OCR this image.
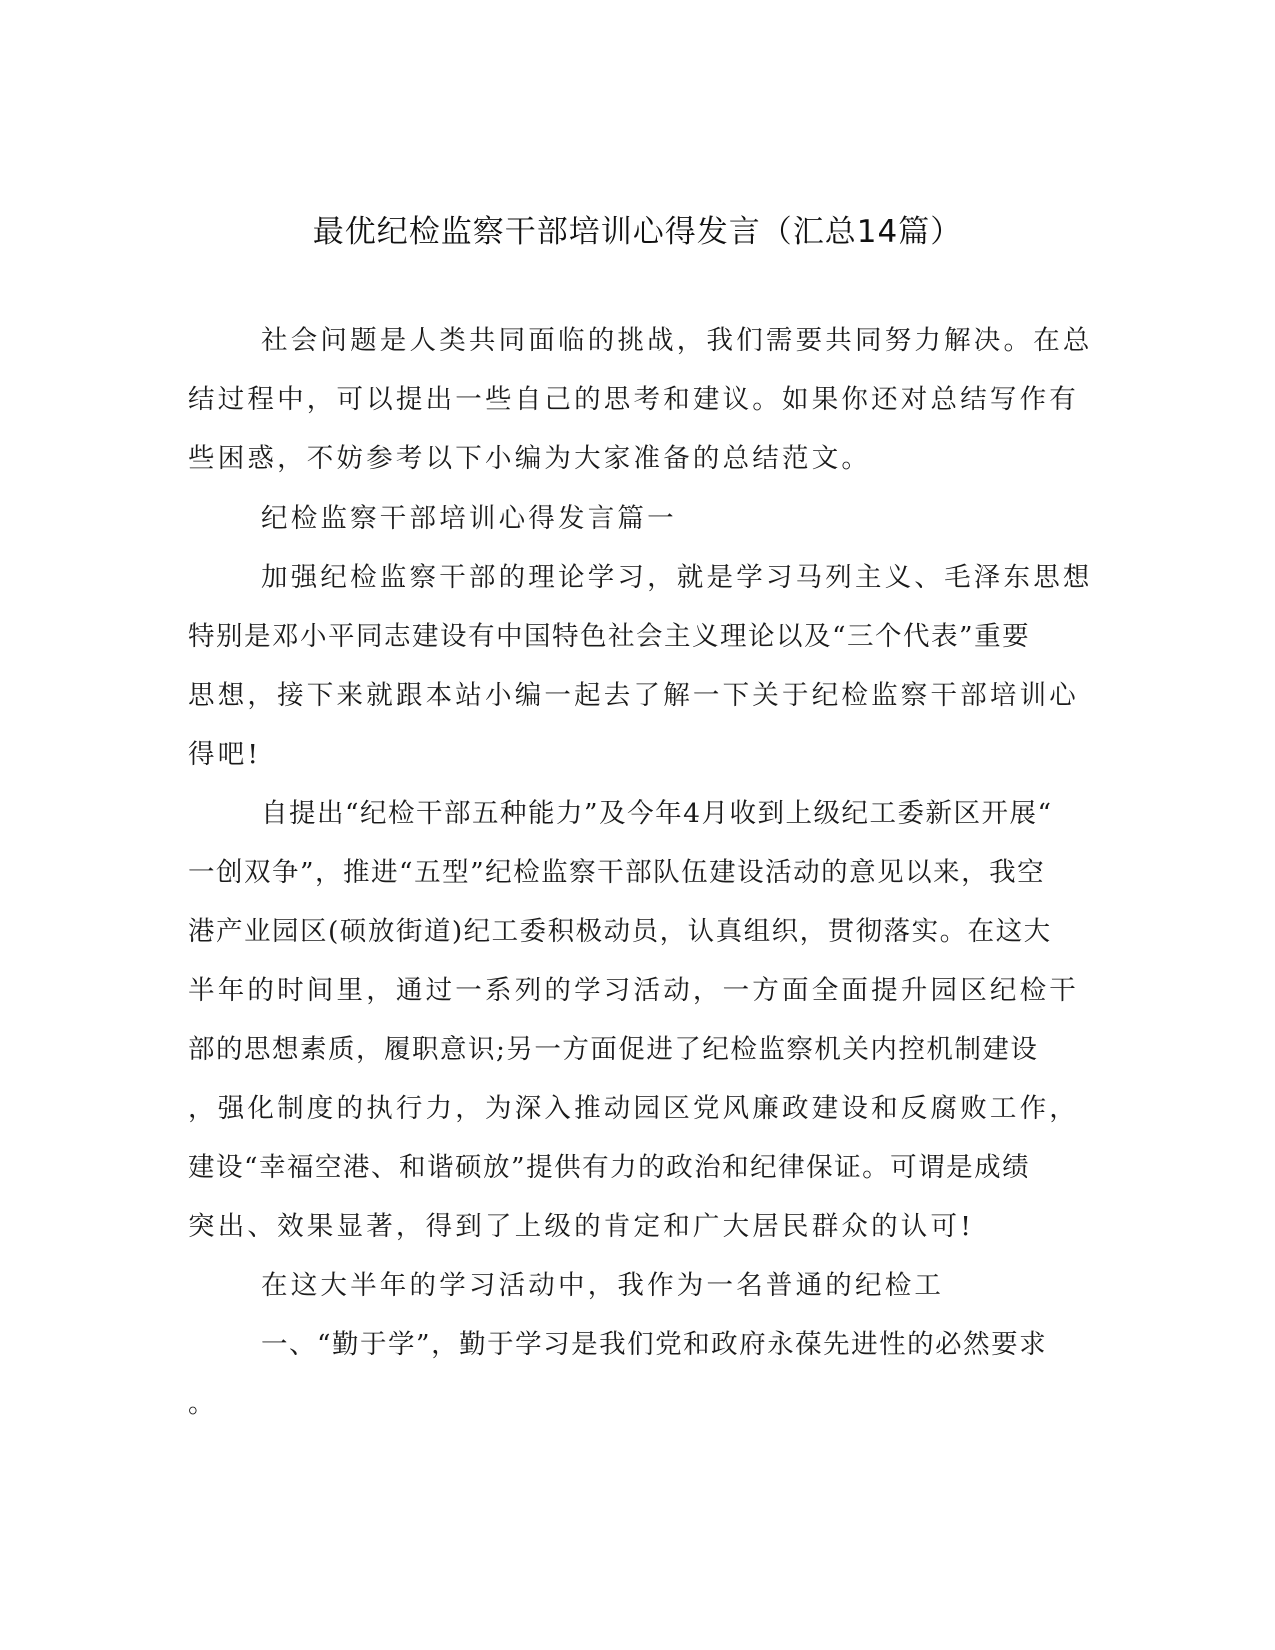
最优纪检监察干部培训心得发言（汇总14篇）
社会问题是人类共同面临的挑战，我们需要共同努力解决。在总
结过程中，可以提出一些自己的思考和建议。如果你还对总结写作有
些困惑，不妨参考以下小编为大家准备的总结范文。
纪检监察干部培训心得发言篇一
加强纪检监察干部的理论学习，就是学习马列主义、毛泽东思想
特别是邓小平同志建设有中国特色社会主义理论以及“三个代表”重要
思想，接下来就跟本站小编一起去了解一下关于纪检监察干部培训心
得吧!
自提出“纪检干部五种能力”及今年4月收到上级纪工委新区开展“
一创双争”，推进“五型”纪检监察干部队伍建设活动的意见以来，我空
港产业园区(硕放街道)纪工委积极动员，认真组织，贯彻落实。在这大
半年的时间里，通过一系列的学习活动，一方面全面提升园区纪检干
部的思想素质，履职意识;另一方面促进了纪检监察机关内控机制建设
，强化制度的执行力，为深入推动园区党风廉政建设和反腐败工作，
建设“幸福空港、和谐硕放”提供有力的政治和纪律保证。可谓是成绩
突出、效果显著，得到了上级的肯定和广大居民群众的认可!
在这大半年的学习活动中，我作为一名普通的纪检工
一、“勤于学”，勤于学习是我们党和政府永葆先进性的必然要求
。
